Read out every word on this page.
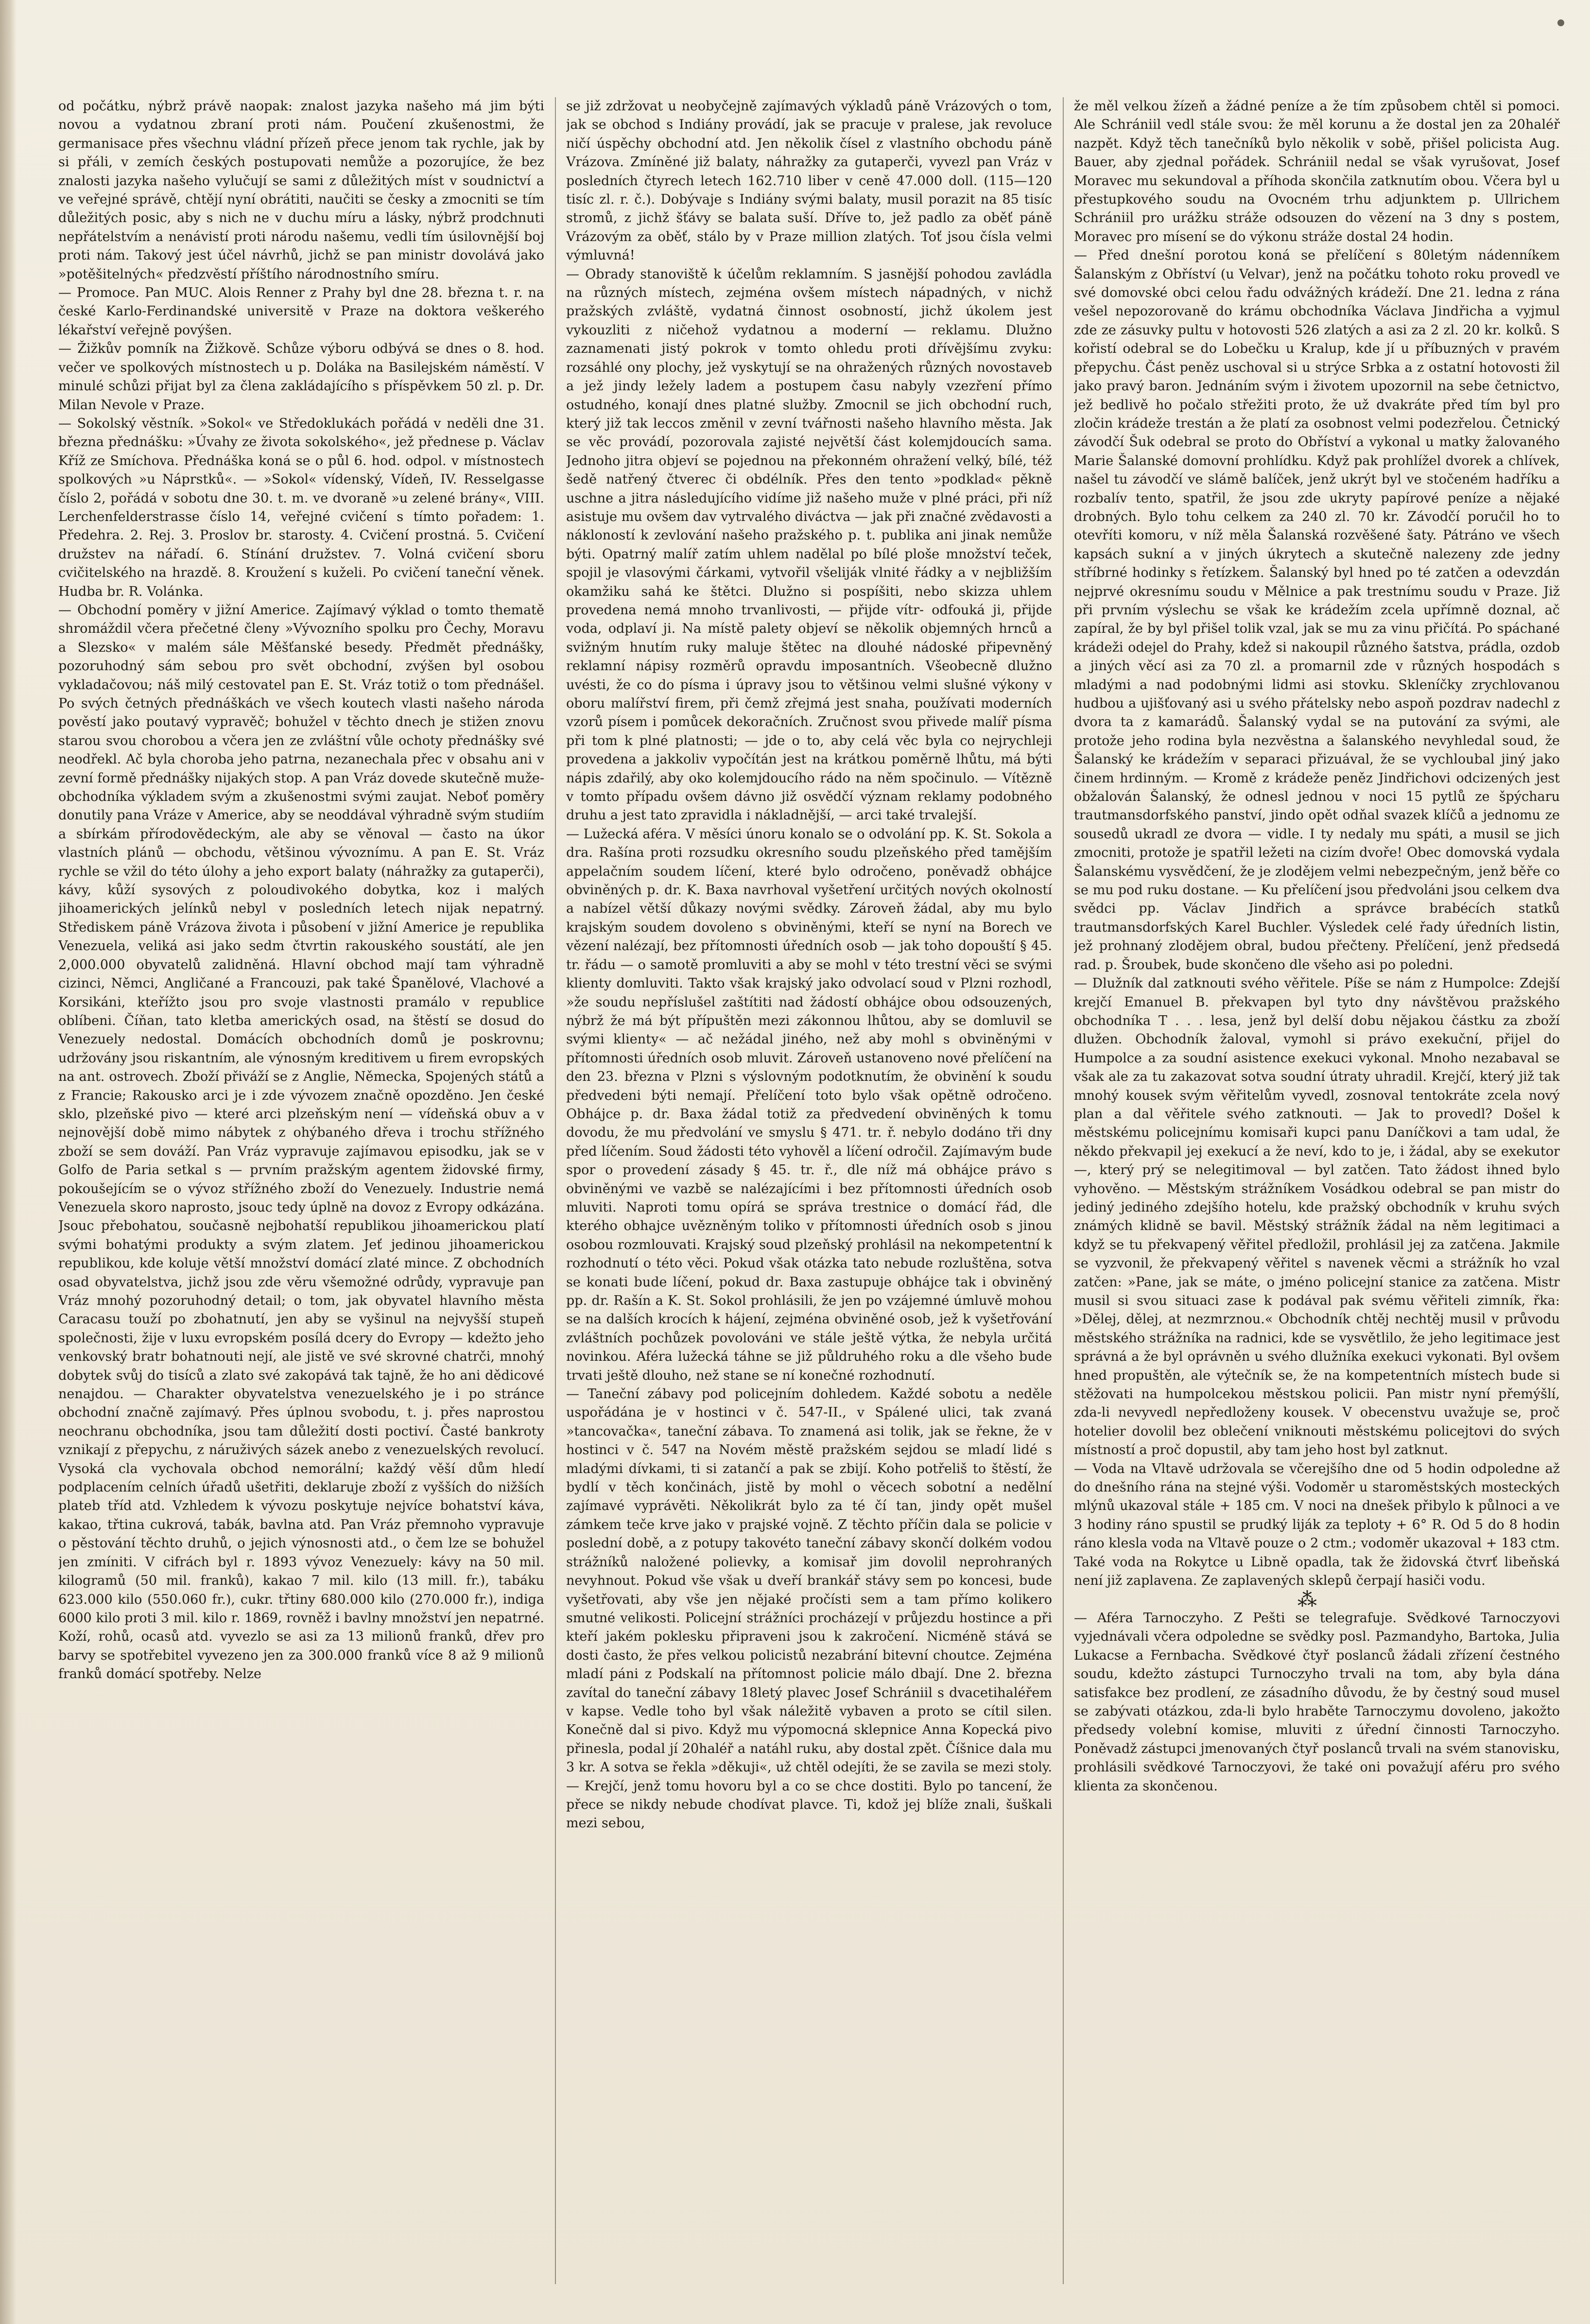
od počátku, nýbrž právě naopak: znalost jazyka našeho má jim býti novou a vydatnou zbraní proti nám. Poučení zkušenostmi, že germanisace přes všechnu vládní přízeň přece jenom tak rychle, jak by si přáli, v zemích českých postupovati nemůže a pozorujíce, že bez znalosti jazyka našeho vylučují se sami z důležitých míst v soudnictví a ve veřejné správě, chtějí nyní obrátiti, naučiti se česky a zmocniti se tím důležitých posic, aby s nich ne v duchu míru a lásky, nýbrž prodchnuti nepřátelstvím a nenávistí proti národu našemu, vedli tím úsilovnější boj proti nám. Takový jest účel návrhů, jichž se pan ministr dovolává jako »potěšitelných« předzvěstí příštího národnostního smíru.

— Promoce. Pan MUC. Alois Renner z Prahy byl dne 28. března t. r. na české Karlo-Ferdinandské universitě v Praze na doktora veškerého lékařství veřejně povýšen.

— Žižkův pomník na Žižkově. Schůze výboru odbývá se dnes o 8. hod. večer ve spolkových místnostech u p. Doláka na Basilejském náměstí. V minulé schůzi přijat byl za člena zakládajícího s příspěvkem 50 zl. p. Dr. Milan Nevole v Praze.

— Sokolský věstník. »Sokol« ve Středoklukách pořádá v neděli dne 31. března přednášku: »Úvahy ze života sokolského«, jež přednese p. Václav Kříž ze Smíchova. Přednáška koná se o půl 6. hod. odpol. v místnostech spolkových »u Náprstků«. — »Sokol« vídenský, Vídeň, IV. Resselgasse číslo 2, pořádá v sobotu dne 30. t. m. ve dvoraně »u zelené brány«, VIII. Lerchenfelderstrasse číslo 14, veřejné cvičení s tímto pořadem: 1. Předehra. 2. Rej. 3. Proslov br. starosty. 4. Cvičení prostná. 5. Cvičení družstev na nářadí. 6. Stínání družstev. 7. Volná cvičení sboru cvičitelského na hrazdě. 8. Kroužení s kuželi. Po cvičení taneční věnek. Hudba br. R. Volánka.

— Obchodní poměry v jižní Americe. Zajímavý výklad o tomto thematě shromáždil včera přečetné členy »Vývozního spolku pro Čechy, Moravu a Slezsko« v malém sále Měšťanské besedy. Předmět přednášky, pozoruhodný sám sebou pro svět obchodní, zvýšen byl osobou vykladačovou; náš milý cestovatel pan E. St. Vráz totiž o tom přednášel. Po svých četných přednáškách ve všech koutech vlasti našeho národa pověstí jako poutavý vypravěč; bohužel v těchto dnech je stižen znovu starou svou chorobou a včera jen ze zvláštní vůle ochoty přednášky své neodřekl. Ač byla chorobа jeho patrna, nezanechala přec v obsahu ani v zevní formě přednášky nijakých stop. A pan Vráz dovede skutečně muže-obchodníka výkladem svým a zkušenostmi svými zaujat. Neboť poměry donutily pana Vráze v Americe, aby se neoddával výhradně svým studiím a sbírkám přírodovědeckým, ale aby se věnoval — často na úkor vlastních plánů — obchodu, většinou vývoznímu. A pan E. St. Vráz rychle se vžil do této úlohy a jeho export balaty (náhražky za gutaperči), kávy, kůží sysových z poloudivokého dobytka, koz i malých jihoamerických jelínků nebyl v posledních letech nijak nepatrný. Střediskem páně Vrázova života i působení v jižní Americe je republika Venezuela, veliká asi jako sedm čtvrtin rakouského soustátí, ale jen 2,000.000 obyvatelů zalidněná. Hlavní obchod mají tam výhradně cizinci, Němci, Angličané a Francouzi, pak také Španělové, Vlachové a Korsikáni, kteřížto jsou pro svoje vlastnosti pramálo v republice oblíbeni. Číňan, tato kletba amerických osad, na štěstí se dosud do Venezuely nedostal. Domácích obchodních domů je poskrovnu; udržovány jsou riskantním, ale výnosným kreditivem u firem evropských na ant. ostrovech. Zboží přiváží se z Anglie, Německa, Spojených států a z Francie; Rakousko arci je i zde vývozem značně opozděno. Jen české sklo, plzeňské pivo — které arci plzeňským není — vídeňská obuv a v nejnovější době mimo nábytek z ohýbaného dřeva i trochu střížného zboží se sem dováží. Pan Vráz vypravuje zajímavou episodku, jak se v Golfo de Paria setkal s — prvním pražským agentem židovské firmy, pokoušejícím se o vývoz střížného zboží do Venezuely. Industrie nemá Venezuela skoro naprosto, jsouc tedy úplně na dovoz z Evropy odkázána. Jsouc přebohatou, současně nejbohatší republikou jihoamerickou platí svými bohatými produkty a svým zlatem. Jeť jedinou jihoamerickou republikou, kde koluje větší množství domácí zlaté mince. Z obchodních osad obyvatelstva, jichž jsou zde věru všemožné odrůdy, vypravuje pan Vráz mnohý pozoruhodný detail; o tom, jak obyvatel hlavního města Caracasu touží po zbohatnutí, jen aby se vyšinul na nejvyšší stupeň společnosti, žije v luxu evropském posílá dcery do Evropy — kdežto jeho venkovský bratr bohatnouti nejí, ale jistě ve své skrovné chatrči, mnohý dobytek svůj do tisíců a zlato své zakopává tak tajně, že ho ani dědicové nenajdou. — Charakter obyvatelstva venezuelského je i po stránce obchodní značně zajímavý. Přes úplnou svobodu, t. j. přes naprostou neochranu obchodníka, jsou tam důležití dosti poctiví. Časté bankroty vznikají z přepychu, z náruživých sázek anebo z venezuelských revolucí. Vysoká cla vychovala obchod nemorální; každý věší dům hledí podplacením celních úřadů ušetřiti, deklaruje zboží z vyšších do nižších plateb tříd atd. Vzhledem k vývozu poskytuje nejvíce bohatství káva, kakao, třtina cukrová, tabák, bavlna atd. Pan Vráz přemnoho vypravuje o pěstování těchto druhů, o jejich výnosnosti atd., o čem lze se bohužel jen zmíniti. V cifrách byl r. 1893 vývoz Venezuely: kávy na 50 mil. kilogramů (50 mil. franků), kakao 7 mil. kilo (13 mill. fr.), tabáku 623.000 kilo (550.060 fr.), cukr. třtiny 680.000 kilo (270.000 fr.), indiga 6000 kilo proti 3 mil. kilo r. 1869, rovněž i bavlny množství jen nepatrné. Koží, rohů, ocasů atd. vyvezlo se asi za 13 milionů franků, dřev pro barvy se spotřebitel vyvezeno jen za 300.000 franků více 8 až 9 milionů franků domácí spotřeby. Nelze

se již zdržovat u neobyčejně zajímavých výkladů páně Vrázových o tom, jak se obchod s Indiány provádí, jak se pracuje v pralese, jak revoluce ničí úspěchy obchodní atd. Jen několik čísel z vlastního obchodu páně Vrázova. Zmíněné již balaty, náhražky za gutaperči, vyvezl pan Vráz v posledních čtyrech letech 162.710 liber v ceně 47.000 doll. (115—120 tisíc zl. r. č.). Dobývaje s Indiány svými balaty, musil porazit na 85 tisíc stromů, z jichž šťávy se balata suší. Dříve to, jež padlo za oběť páně Vrázovým za oběť, stálo by v Praze million zlatých. Toť jsou čísla velmi výmluvná!

— Obrady stanoviště k účelům reklamním. S jasnější pohodou zavládla na různých místech, zejména ovšem místech nápadných, v nichž pražských zvláště, vydatná činnost osobností, jichž úkolem jest vykouzliti z ničehož vydatnou a moderní — reklamu. Dlužno zaznamenati jistý pokrok v tomto ohledu proti dřívějšímu zvyku: rozsáhlé ony plochy, jež vyskytují se na ohražených různých novostaveb a jež jindy ležely ladem a postupem času nabyly vzezření přímo ostudného, konají dnes platné služby. Zmocnil se jich obchodní ruch, který již tak leccos změnil v zevní tvářnosti našeho hlavního města. Jak se věc provádí, pozorovala zajisté největší část kolemjdoucích sama. Jednoho jitra objeví se pojednou na překonném ohražení velký, bílé, též šedě natřený čtverec či obdélník. Přes den tento »podklad« pěkně uschne a jitra následujícího vidíme již našeho muže v plné práci, při níž asistuje mu ovšem dav vytrvalého diváctva — jak při značné zvědavosti a nákloností k zevlování našeho pražského p. t. publika ani jinak nemůže býti. Opatrný malíř zatím uhlem nadělal po bílé ploše množství teček, spojil je vlasovými čárkami, vytvořil všeliják vlnité řádky a v nejbližším okamžiku sahá ke štětci. Dlužno si pospíšiti, nebo skizza uhlem provedena nemá mnoho trvanlivosti, — přijde vítr- odfouká ji, přijde voda, odplaví ji. Na místě palety objeví se několik objemných hrnců a svižným hnutím ruky maluje štětec na dlouhé nádoské připevněný reklamní nápisy rozměrů opravdu imposantních. Všeobecně dlužno uvésti, že co do písma i úpravy jsou to většinou velmi slušné výkony v oboru malířství firem, při čemž zřejmá jest snaha, používati moderních vzorů písem i pomůcek dekoračních. Zručnost svou přivede malíř písma při tom k plné platnosti; — jde o to, aby celá věc byla co nejrychleji provedena a jakkoliv vypočítán jest na krátkou poměrně lhůtu, má býti nápis zdařilý, aby oko kolemjdoucího rádo na něm spočinulo. — Vítězně v tomto případu ovšem dávno již osvědčí význam reklamy podobného druhu a jest tato zpravidla i nákladnější, — arci také trvalejší.

— Lužecká aféra. V měsíci únoru konalo se o odvolání pp. K. St. Sokola a dra. Rašína proti rozsudku okresního soudu plzeňského před tamějším appelačním soudem líčení, které bylo odročeno, poněvadž obhájce obviněných p. dr. K. Baxa navrhoval vyšetření určitých nových okolností a nabízel větší důkazy novými svědky. Zároveň žádal, aby mu bylo krajským soudem dovoleno s obviněnými, kteří se nyní na Borech ve vězení nalézají, bez přítomnosti úředních osob — jak toho dopouští § 45. tr. řádu — o samotě promluviti a aby se mohl v této trestní věci se svými klienty domluviti. Takto však krajský jako odvolací soud v Plzni rozhodl, »že soudu nepříslušel zaštítiti nad žádostí obhájce obou odsouzených, nýbrž že má být přípuštěn mezi zákonnou lhůtou, aby se domluvil se svými klienty« — ač nežádal jiného, než aby mohl s obviněnými v přítomnosti úředních osob mluvit. Zároveň ustanoveno nové přelíčení na den 23. března v Plzni s výslovným podotknutím, že obvinění k soudu předvedeni býti nemají. Přelíčení toto bylo však opětně odročeno. Obhájce p. dr. Baxa žádal totiž za předvedení obviněných k tomu dovodu, že mu předvolání ve smyslu § 471. tr. ř. nebylo dodáno tři dny před líčením. Soud žádosti této vyhověl a líčení odročil. Zajímavým bude spor o provedení zásady § 45. tr. ř., dle níž má obhájce právo s obviněnými ve vazbě se nalézajícími i bez přítomnosti úředních osob mluviti. Naproti tomu opírá se správa trestnice o domácí řád, dle kterého obhajce uvězněným toliko v přítomnosti úředních osob s jinou osobou rozmlouvati. Krajský soud plzeňský prohlásil na nekompetentní k rozhodnutí o této věci. Pokud však otázka tato nebude rozluštěna, sotva se konati bude líčení, pokud dr. Baxa zastupuje obhájce tak i obviněný pp. dr. Rašín a K. St. Sokol prohlásili, že jen po vzájemné úmluvě mohou se na dalších krocích k hájení, zejména obviněné osob, jež k vyšetřování zvláštních pochůzek povolováni ve stále ještě výtka, že nebyla určitá novinkou. Aféra lužecká táhne se již půldruhého roku a dle všeho bude trvati ještě dlouho, než stane se ní konečné rozhodnutí.

— Taneční zábavy pod policejním dohledem. Každé sobotu a neděle uspořádána je v hostinci v č. 547-II., v Spálené ulici, tak zvaná »tancovačka«, taneční zábava. To znamená asi tolik, jak se řekne, že v hostinci v č. 547 na Novém městě pražském sejdou se mladí lidé s mladými dívkami, ti si zatančí a pak se zbijí. Koho potřeliš to štěstí, že bydlí v těch končinách, jistě by mohl o věcech sobotní a nedělní zajímavé vyprávěti. Několikrát bylo za té čí tan, jindy opět mušel zámkem teče krve jako v prajské vojně. Z těchto příčin dala se policie v poslední době, a z potupy takovéto taneční zábavy skončí dolkém vodou strážníků naložené polievky, a komisař jim dovolil neprohraných nevyhnout. Pokud vše však u dveří brankář stávy sem po koncesi, bude vyšetřovati, aby vše jen nějaké pročísti sem a tam přímo kolikero smutné velikosti. Policejní strážníci procházejí v průjezdu hostince a při kteří jakém poklesku připraveni jsou k zakročení. Nicméně stává se dosti často, že přes velkou policistů nezabrání bitevní choutce. Zejména mladí páni z Podskalí na přítomnost policie málo dbají. Dne 2. března zavítal do taneční zábavy 18letý plavec Josef Schrániil s dvacetihaléřem v kapse. Vedle toho byl však náležitě vybaven a proto se cítil silen. Konečně dal si pivo. Když mu výpomocná sklepnice Anna Kopecká pivo přinesla, podal jí 20haléř a natáhl ruku, aby dostal zpět. Číšnice dala mu 3 kr. A sotva se řekla »děkuji«, už chtěl odejíti, že se zavila se mezi stoly. — Krejčí, jenž tomu hovoru byl a co se chce dostiti. Bylo po tancení, že přece se nikdy nebude chodívat plavce. Ti, kdož jej blíže znali, šuškali mezi sebou,

že měl velkou žízeň a žádné peníze a že tím způsobem chtěl si pomoci. Ale Schrániil vedl stále svou: že měl korunu a že dostal jen za 20haléř nazpět. Když těch tanečníků bylo několik v sobě, přišel policista Aug. Bauer, aby zjednal pořádek. Schrániil nedal se však vyrušovat, Josef Moravec mu sekundoval a příhoda skončila zatknutím obou. Včera byl u přestupkového soudu na Ovocném trhu adjunktem p. Ullrichem Schrániil pro urážku stráže odsouzen do vězení na 3 dny s postem, Moravec pro mísení se do výkonu stráže dostal 24 hodin.

— Před dnešní porotou koná se přelíčení s 80letým nádenníkem Šalanským z Obříství (u Velvar), jenž na počátku tohoto roku provedl ve své domovské obci celou řadu odvážných krádeží. Dne 21. ledna z rána vešel nepozorovaně do krámu obchodníka Václava Jindřicha a vyjmul zde ze zásuvky pultu v hotovosti 526 zlatých a asi za 2 zl. 20 kr. kolků. S kořistí odebral se do Lobečku u Kralup, kde jí u příbuzných v pravém přepychu. Část peněz uschoval si u strýce Srbka a z ostatní hotovosti žil jako pravý baron. Jednáním svým i životem upozornil na sebe četnictvo, jež bedlivě ho počalo střežiti proto, že už dvakráte před tím byl pro zločin krádeže trestán a že platí za osobnost velmi podezřelou. Četnický závodčí Šuk odebral se proto do Obříství a vykonal u matky žalovaného Marie Šalanské domovní prohlídku. Když pak prohlížel dvorek a chlívek, našel tu závodčí ve slámě balíček, jenž ukrýt byl ve stočeném hadříku a rozbalív tento, spatřil, že jsou zde ukryty papírové peníze a nějaké drobných. Bylo tohu celkem za 240 zl. 70 kr. Závodčí poručil ho to otevříti komoru, v níž měla Šalanská rozvěšené šaty. Pátráno ve všech kapsách sukní a v jiných úkrytech a skutečně nalezeny zde jedny stříbrné hodinky s řetízkem. Šalanský byl hned po té zatčen a odevzdán nejprvé okresnímu soudu v Mělnice a pak trestnímu soudu v Praze. Již při prvním výslechu se však ke krádežím zcela upřímně doznal, ač zapíral, že by byl přišel tolik vzal, jak se mu za vinu přičítá. Po spáchané krádeži odejel do Prahy, kdež si nakoupil různého šatstva, prádla, ozdob a jiných věcí asi za 70 zl. a promarnil zde v různých hospodách s mladými a nad podobnými lidmi asi stovku. Skleníčky zrychlovanou hudbou a ujišťovaný asi u svého přátelsky nebo aspoň pozdrav nadechl z dvora ta z kamarádů. Šalanský vydal se na putování za svými, ale protože jeho rodina byla nezvěstna a šalanského nevyhledal soud, že Šalanský ke krádežím v separaci přizuával, že se vychloubal jiný jako činem hrdinným. — Kromě z krádeže peněz Jindřichovi odcizených jest obžalován Šalanský, že odnesl jednou v noci 15 pytlů ze špýcharu trautmansdorfského panství, jindo opět odňal svazek klíčů a jednomu ze sousedů ukradl ze dvora — vidle. I ty nedaly mu spáti, a musil se jich zmocniti, protože je spatřil ležeti na cizím dvoře! Obec domovská vydala Šalanskému vysvědčení, že je zlodějem velmi nebezpečným, jenž běře co se mu pod ruku dostane. — Ku přelíčení jsou předvoláni jsou celkem dva svědci pp. Václav Jindřich a správce brabécích statků trautmansdorfských Karel Buchler. Výsledek celé řady úředních listin, jež prohnaný zlodějem obral, budou přečteny. Přelíčení, jenž předsedá rad. p. Šroubek, bude skončeno dle všeho asi po poledni.

— Dlužník dal zatknouti svého věřitele. Píše se nám z Humpolce: Zdejší krejčí Emanuel B. překvapen byl tyto dny návštěvou pražského obchodníka T . . . lesa, jenž byl delší dobu nějakou částku za zboží dlužen. Obchodník žaloval, vymohl si právo exekuční, přijel do Humpolce a za soudní asistence exekuci vykonal. Mnoho nezabaval se však ale za tu zakazovat sotva soudní útraty uhradil. Krejčí, který již tak mnohý kousek svým věřitelům vyvedl, zosnoval tentokráte zcela nový plan a dal věřitele svého zatknouti. — Jak to provedl? Došel k městskému policejnímu komisaři kupci panu Daníčkovi a tam udal, že někdo překvapil jej exekucí a že neví, kdo to je, i žádal, aby se exekutor —, který prý se nelegitimoval — byl zatčen. Tato žádost ihned bylo vyhověno. — Městským strážníkem Vosádkou odebral se pan mistr do jediný jediného zdejšího hotelu, kde pražský obchodník v kruhu svých známých klidně se bavil. Městský strážník žádal na něm legitimaci a když se tu překvapený věřitel předložil, prohlásil jej za zatčena. Jakmile se vyzvonil, že překvapený věřitel s navenek věcmi a strážník ho vzal zatčen: »Pane, jak se máte, o jméno policejní stanice za zatčena. Mistr musil si svou situaci zase k podával pak svému věřiteli zimník, řka: »Dělej, dělej, at nezmrznou.« Obchodník chtěj nechtěj musil v průvodu městského strážníka na radnici, kde se vysvětlilo, že jeho legitimace jest správná a že byl oprávněn u svého dlužníka exekuci vykonati. Byl ovšem hned propuštěn, ale výtečník se, že na kompetentních místech bude si stěžovati na humpolcekou městskou policii. Pan mistr nyní přemýšlí, zda-li nevyvedl nepředloženy kousek. V obecenstvu uvažuje se, proč hotelier dovolil bez oblečení vniknouti městskému policejtovi do svých místností a proč dopustil, aby tam jeho host byl zatknut.

— Voda na Vltavě udržovala se včerejšího dne od 5 hodin odpoledne až do dnešního rána na stejné výši. Vodoměr u staroměstských mosteckých mlýnů ukazoval stále + 185 cm. V noci na dnešek přibylo k půlnoci a ve 3 hodiny ráno spustil se prudký liják za teploty + 6° R. Od 5 do 8 hodin ráno klesla voda na Vltavě pouze o 2 ctm.; vodoměr ukazoval + 183 ctm. Také voda na Rokytce u Libně opadla, tak že židovská čtvrť libeňská není již zaplavena. Ze zaplavených sklepů čerpají hasiči vodu.

⁂

— Aféra Tarnoczyho. Z Pešti se telegrafuje. Svědkové Tarnoczyovi vyjednávali včera odpoledne se svědky posl. Pazmandyho, Bartoka, Julia Lukacse a Fernbacha. Svědkové čtyř poslanců žádali zřízení čestného soudu, kdežto zástupci Turnoczyho trvali na tom, aby byla dána satisfakce bez prodlení, ze zásadního důvodu, že by čestný soud musel se zabývati otázkou, zda-li bylo hraběte Tarnoczymu dovoleno, jakožto předsedy volební komise, mluviti z úřední činnosti Tarnoczyho. Poněvadž zástupci jmenovaných čtyř poslanců trvali na svém stanovisku, prohlásili svědkové Tarnoczyovi, že také oni považují aféru pro svého klienta za skončenou.
